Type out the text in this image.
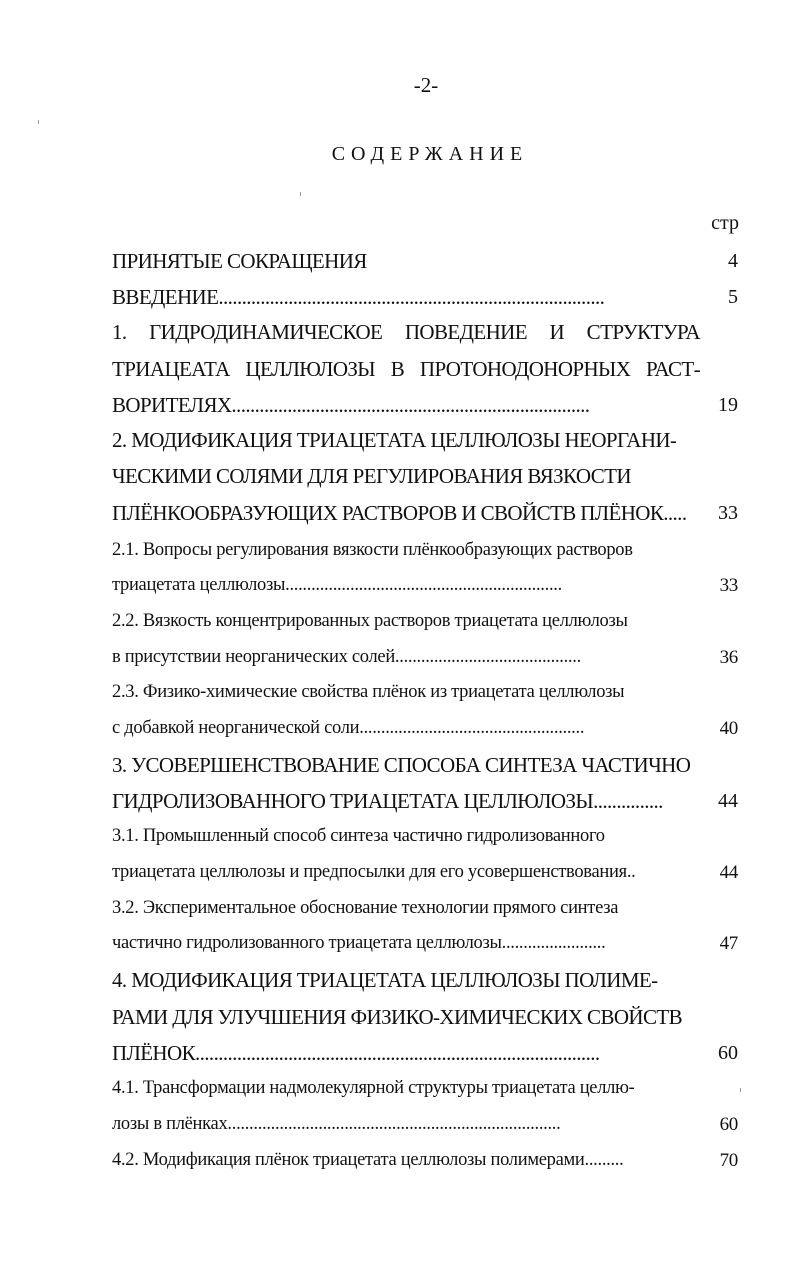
-2-
СОДЕРЖАНИЕ
стр
ПРИНЯТЫЕ СОКРАЩЕНИЯ	4
ВВЕДЕНИЕ...................................................................................	5
1. ГИДРОДИНАМИЧЕСКОЕ ПОВЕДЕНИЕ И СТРУКТУРА
ТРИАЦЕАТА ЦЕЛЛЮЛОЗЫ В ПРОТОНОДОНОРНЫХ РАСТ-
ВОРИТЕЛЯХ.............................................................................	19
2. МОДИФИКАЦИЯ ТРИАЦЕТАТА ЦЕЛЛЮЛОЗЫ НЕОРГАНИ-
ЧЕСКИМИ СОЛЯМИ ДЛЯ РЕГУЛИРОВАНИЯ ВЯЗКОСТИ
ПЛЁНКООБРАЗУЮЩИХ РАСТВОРОВ И СВОЙСТВ ПЛЁНОК..... 33
2.1. Вопросы регулирования вязкости плёнкообразующих растворов
триацетата целлюлозы................................................................	33
2.2. Вязкость концентрированных растворов триацетата целлюлозы
в присутствии неорганических солей...........................................	36
2.3. Физико-химические свойства плёнок из триацетата целлюлозы
с добавкой неорганической соли....................................................	40
3. УСОВЕРШЕНСТВОВАНИЕ СПОСОБА СИНТЕЗА ЧАСТИЧНО
ГИДРОЛИЗОВАННОГО ТРИАЦЕТАТА ЦЕЛЛЮЛОЗЫ...............	44
3.1. Промышленный способ синтеза частично гидролизованного
триацетата целлюлозы и предпосылки для его усовершенствования..	44
3.2. Экспериментальное обоснование технологии прямого синтеза
частично гидролизованного триацетата целлюлозы........................	47
4. МОДИФИКАЦИЯ ТРИАЦЕТАТА ЦЕЛЛЮЛОЗЫ ПОЛИМЕ-
РАМИ ДЛЯ УЛУЧШЕНИЯ ФИЗИКО-ХИМИЧЕСКИХ СВОЙСТВ
ПЛЁНОК.......................................................................................	60
4.1. Трансформации надмолекулярной структуры триацетата целлю-
лозы в плёнках.............................................................................	60
4.2. Модификация плёнок триацетата целлюлозы полимерами.........	70
